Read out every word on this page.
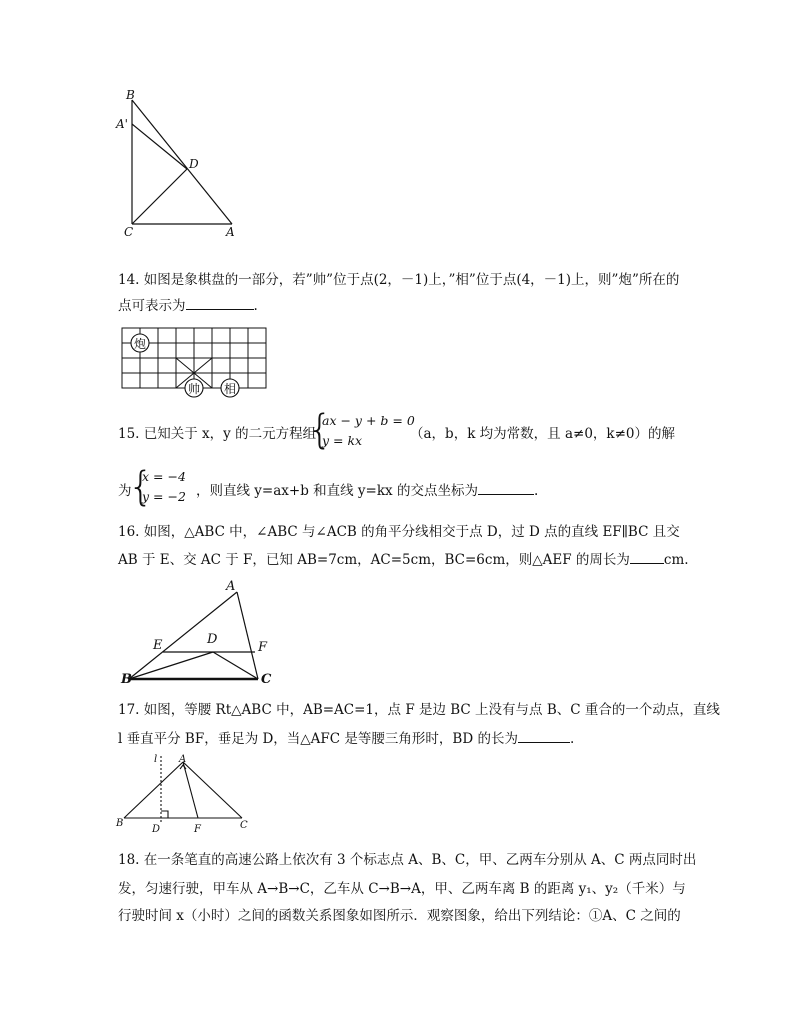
B
A'
D
C	A
14. 如图是象棋盘的一部分，若”帅”位于点(2，－1)上，”相”位于点(4，－1)上，则”炮”所在的
点可表示为	.
炮
帅 相
15. 已知关于 x，y 的二元方程组
{
ax − y + b = 0
y = kx	（a，b，k 均为常数，且 a≠0，k≠0）的解
为
{
x = −4
y = −2 ，则直线 y=ax+b 和直线 y=kx 的交点坐标为	.
16. 如图，△ABC 中，∠ABC 与∠ACB 的角平分线相交于点 D，过 D 点的直线 EF∥BC 且交
AB 于 E、交 AC 于 F，已知 AB=7cm，AC=5cm，BC=6cm，则△AEF 的周长为	cm.
A
E	D
F
B	C
17. 如图，等腰 Rt△ABC 中，AB=AC=1，点 F 是边 BC 上没有与点 B、C 重合的一个动点，直线
l 垂直平分 BF，垂足为 D，当△AFC 是等腰三角形时，BD 的长为	.
l A
B
D	F	C
18. 在一条笔直的高速公路上依次有 3 个标志点 A、B、C，甲、乙两车分别从 A、C 两点同时出
发，匀速行驶，甲车从 A→B→C，乙车从 C→B→A，甲、乙两车离 B 的距离 y₁、y₂（千米）与
行驶时间 x（小时）之间的函数关系图象如图所示．观察图象，给出下列结论：①A、C 之间的
